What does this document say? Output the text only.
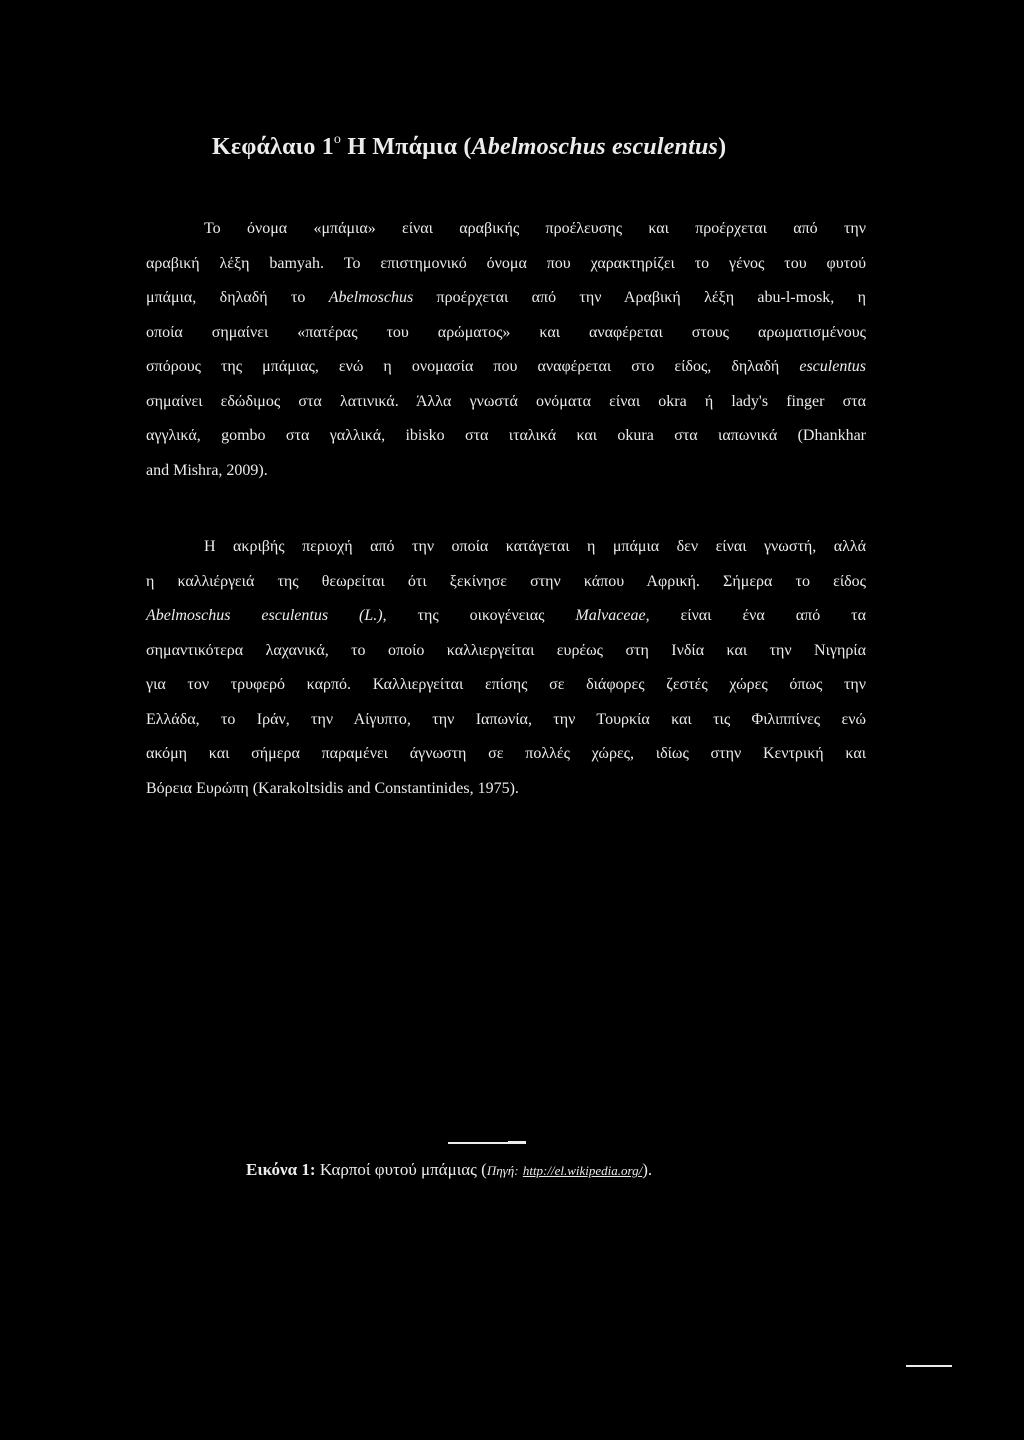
Κεφάλαιο $1^o$ Η Μπάμια (Abelmoschus esculentus)
Το όνομα «μπάμια» είναι αραβικής προέλευσης και προέρχεται από την
αραβική λέξη bamyah. Το επιστημονικό όνομα που χαρακτηρίζει το γένος του φυτού
μπάμια, δηλαδή το Abelmoschus προέρχεται από την Αραβική λέξη abu-l-mosk, η
οποία σημαίνει «πατέρας του αρώματος» και αναφέρεται στους αρωματισμένους
σπόρους της μπάμιας, ενώ η ονομασία που αναφέρεται στο είδος, δηλαδή esculentus
σημαίνει εδώδιμος στα λατινικά. Άλλα γνωστά ονόματα είναι okra ή lady's finger στα
αγγλικά, gombo στα γαλλικά, ibisko στα ιταλικά και okura στα ιαπωνικά (Dhankhar
and Mishra, 2009).
Η ακριβής περιοχή από την οποία κατάγεται η μπάμια δεν είναι γνωστή, αλλά
η καλλιέργειά της θεωρείται ότι ξεκίνησε στην κάπου Αφρική. Σήμερα το είδος
Abelmoschus esculentus (L.), της οικογένειας Malvaceae, είναι ένα από τα
σημαντικότερα λαχανικά, το οποίο καλλιεργείται ευρέως στη Ινδία και την Νιγηρία
για τον τρυφερό καρπό. Καλλιεργείται επίσης σε διάφορες ζεστές χώρες όπως την
Ελλάδα, το Ιράν, την Αίγυπτο, την Ιαπωνία, την Τουρκία και τις Φιλιππίνες ενώ
ακόμη και σήμερα παραμένει άγνωστη σε πολλές χώρες, ιδίως στην Κεντρική και
Βόρεια Ευρώπη (Karakoltsidis and Constantinides, 1975).
Εικόνα 1: Καρποί φυτού μπάμιας (Πηγή: http://el.wikipedia.org/).
